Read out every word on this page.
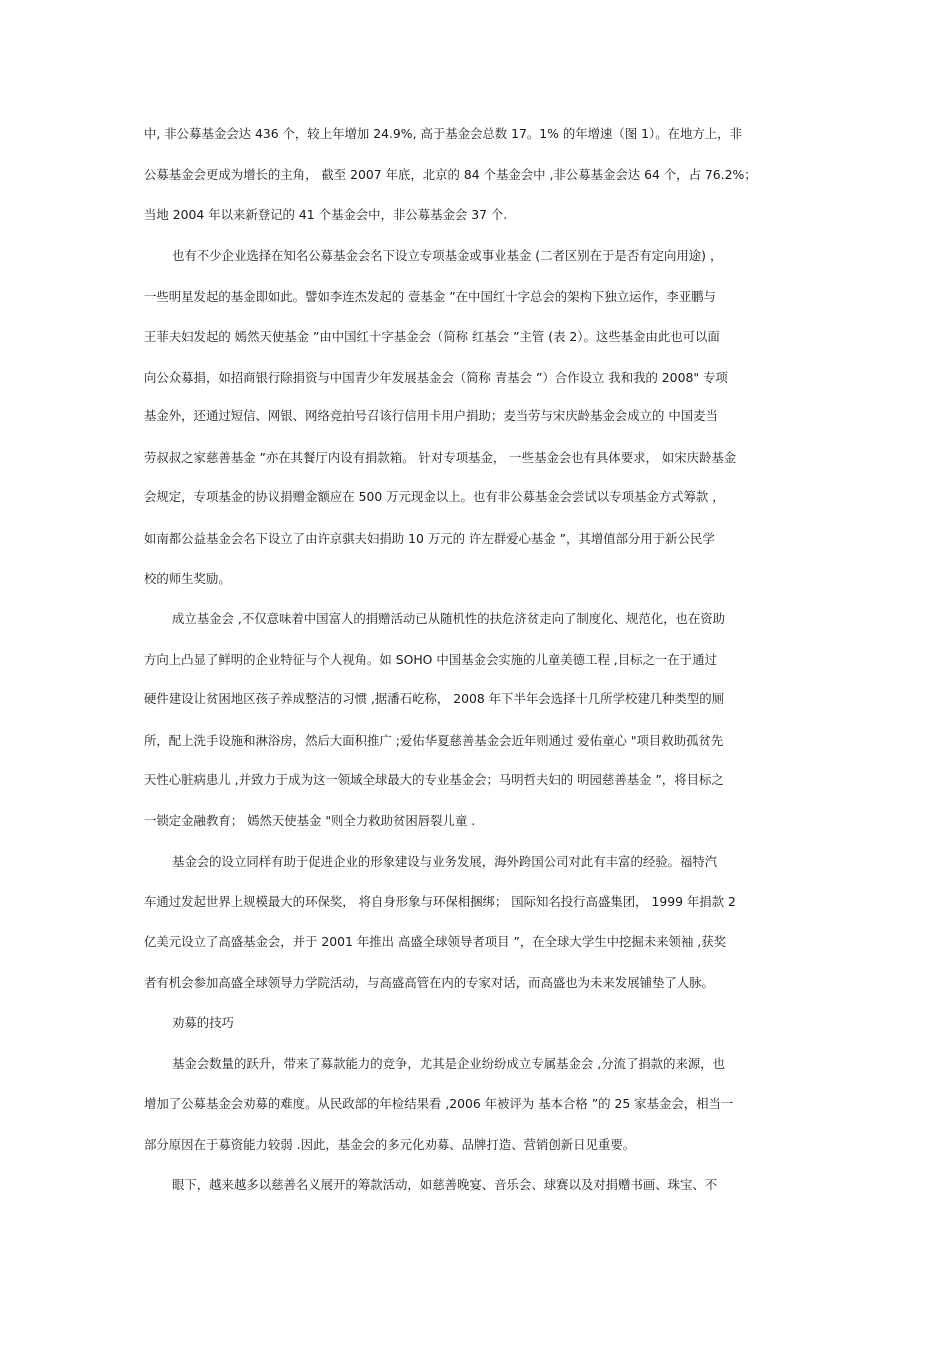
中, 非公募基金会达 436 个，较上年增加 24.9%, 高于基金会总数 17。1% 的年增速（图 1）。在地方上，非
公募基金会更成为增长的主角， 截至 2007 年底，北京的 84 个基金会中 ,非公募基金会达 64 个，占 76.2%；
当地 2004 年以来新登记的 41 个基金会中，非公募基金会 37 个.
也有不少企业选择在知名公募基金会名下设立专项基金或事业基金 (二者区别在于是否有定向用途) ，
一些明星发起的基金即如此。譬如李连杰发起的 壹基金 ”在中国红十字总会的架构下独立运作，李亚鹏与
王菲夫妇发起的 嫣然天使基金 ”由中国红十字基金会（简称 红基会 ”主管 (表 2）。这些基金由此也可以面
向公众募捐，如招商银行除捐资与中国青少年发展基金会（简称 青基会 ”）合作设立 我和我的 2008" 专项
基金外，还通过短信、网银、网络竞拍号召该行信用卡用户捐助；麦当劳与宋庆龄基金会成立的 中国麦当
劳叔叔之家慈善基金 ”亦在其餐厅内设有捐款箱。 针对专项基金， 一些基金会也有具体要求， 如宋庆龄基金
会规定，专项基金的协议捐赠金额应在 500 万元现金以上。也有非公募基金会尝试以专项基金方式筹款 ，
如南都公益基金会名下设立了由许京骐夫妇捐助 10 万元的 许左群爱心基金 ”，其增值部分用于新公民学
校的师生奖励。
成立基金会 ,不仅意味着中国富人的捐赠活动已从随机性的扶危济贫走向了制度化、规范化，也在资助
方向上凸显了鲜明的企业特征与个人视角。如 SOHO 中国基金会实施的儿童美德工程 ,目标之一在于通过
硬件建设让贫困地区孩子养成整洁的习惯 ,据潘石屹称， 2008 年下半年会选择十几所学校建几种类型的厕
所，配上洗手设施和淋浴房，然后大面积推广 ;爱佑华夏慈善基金会近年则通过 爱佑童心 "项目救助孤贫先
天性心脏病患儿 ,并致力于成为这一领域全球最大的专业基金会；马明哲夫妇的 明园慈善基金 ”，将目标之
一锁定金融教育； 嫣然天使基金 "则全力救助贫困唇裂儿童 .
基金会的设立同样有助于促进企业的形象建设与业务发展，海外跨国公司对此有丰富的经验。福特汽
车通过发起世界上规模最大的环保奖， 将自身形象与环保相捆绑； 国际知名投行高盛集团， 1999 年捐款 2
亿美元设立了高盛基金会，并于 2001 年推出 高盛全球领导者项目 ”，在全球大学生中挖掘未来领袖 ,获奖
者有机会参加高盛全球领导力学院活动，与高盛高管在内的专家对话，而高盛也为未来发展铺垫了人脉。
劝募的技巧
基金会数量的跃升，带来了募款能力的竞争，尤其是企业纷纷成立专属基金会 ,分流了捐款的来源，也
增加了公募基金会劝募的难度。从民政部的年检结果看 ,2006 年被评为 基本合格 ”的 25 家基金会，相当一
部分原因在于募资能力较弱 .因此，基金会的多元化劝募、品牌打造、营销创新日见重要。
眼下，越来越多以慈善名义展开的筹款活动，如慈善晚宴、音乐会、球赛以及对捐赠书画、珠宝、不
